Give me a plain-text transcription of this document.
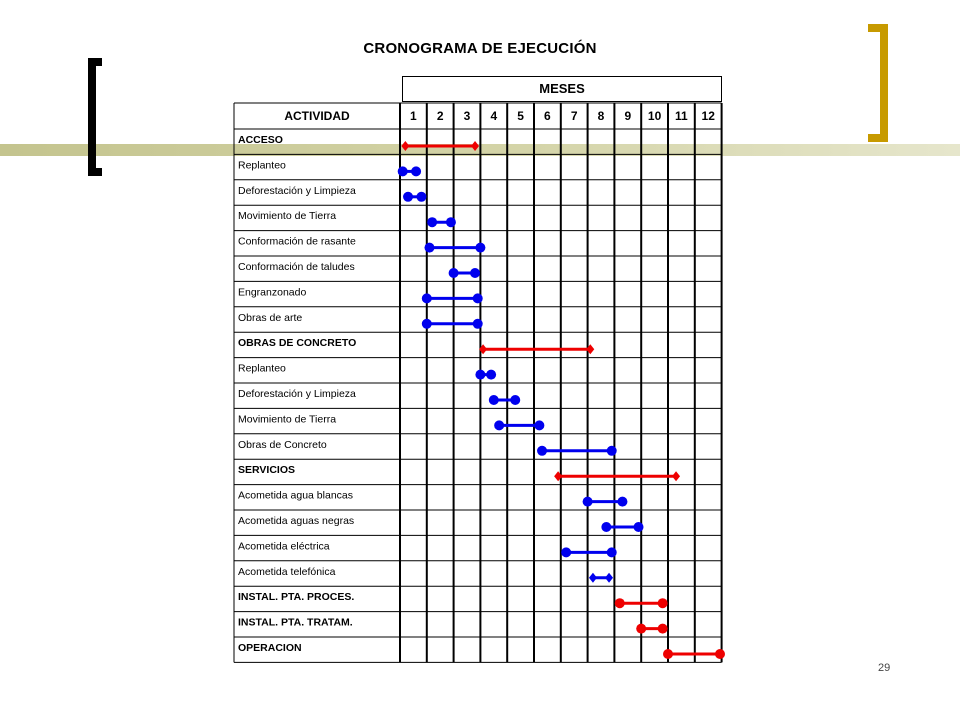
CRONOGRAMA DE EJECUCIÓN
MESES
ACTIVIDAD	1 2 3 4 5 6 7 8 9 10 11 12
ACCESO
Replanteo
Deforestación y Limpieza
Movimiento de Tierra
Conformación de rasante
Conformación de taludes
Engranzonado
Obras de arte
OBRAS DE CONCRETO
Replanteo
Deforestación y Limpieza
Movimiento de Tierra
Obras de Concreto
SERVICIOS
Acometida agua blancas
Acometida aguas negras
Acometida eléctrica
Acometida telefónica
INSTAL. PTA. PROCES.
INSTAL. PTA. TRATAM.
OPERACION
29
